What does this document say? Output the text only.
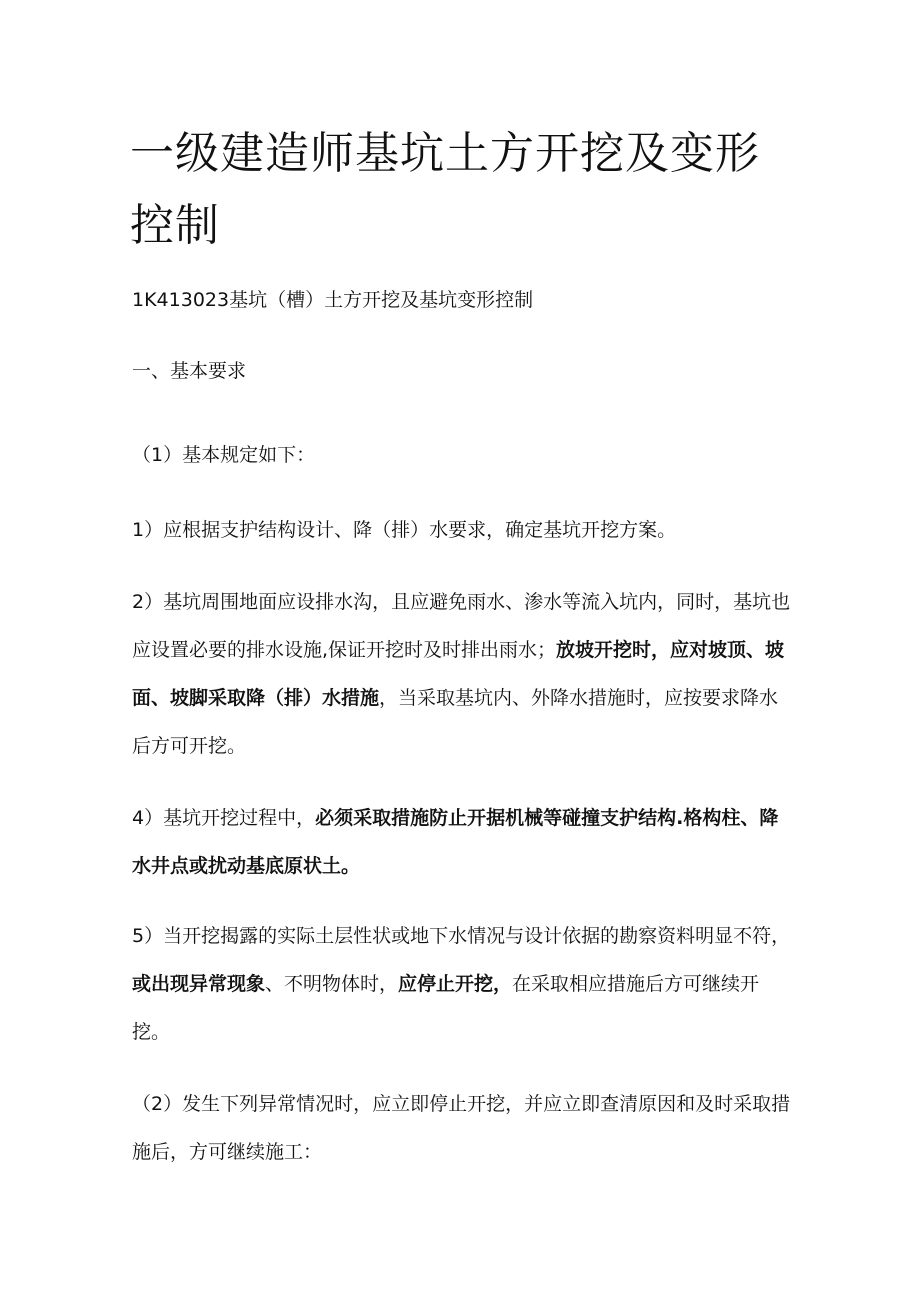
一级建造师基坑土方开挖及变形控制

1K413023基坑（槽）土方开挖及基坑变形控制

一、基本要求

（1）基本规定如下：

1）应根据支护结构设计、降（排）水要求，确定基坑开挖方案。

2）基坑周围地面应设排水沟，且应避免雨水、渗水等流入坑内，同时，基坑也应设置必要的排水设施,保证开挖时及时排出雨水；放坡开挖时，应对坡顶、坡面、坡脚采取降（排）水措施，当采取基坑内、外降水措施时，应按要求降水后方可开挖。

4）基坑开挖过程中，必须采取措施防止开据机械等碰撞支护结构.格构柱、降水井点或扰动基底原状土。

5）当开挖揭露的实际土层性状或地下水情况与设计依据的勘察资料明显不符，或出现异常现象、不明物体时，应停止开挖，在采取相应措施后方可继续开挖。

（2）发生下列异常情况时，应立即停止开挖，并应立即查清原因和及时采取措施后，方可继续施工：
